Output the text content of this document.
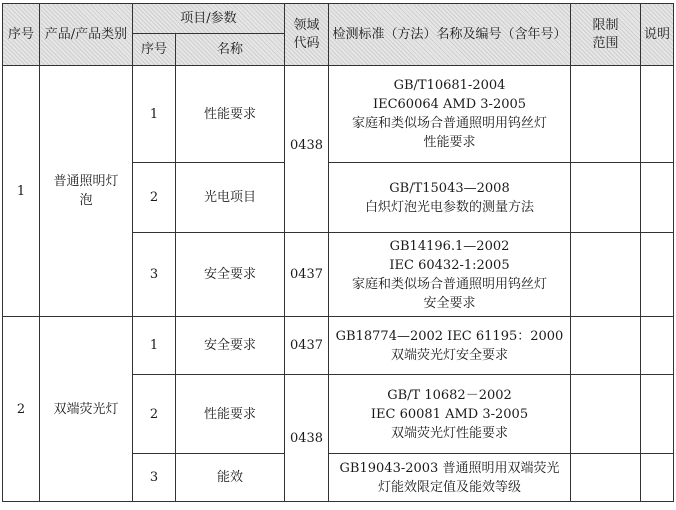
序号	产品/产品类别	项目/参数		领域代码	检测标准（方法）名称及编号（含年号）	限制范围	说明
		序号	名称				
1	普通照明灯泡	1	性能要求	0438	GB/T10681-2004
IEC60064 AMD 3-2005
家庭和类似场合普通照明用钨丝灯
性能要求		

		2	光电项目		GB/T15043—2008
白炽灯泡光电参数的测量方法		

		3	安全要求	0437	GB14196.1—2002
IEC 60432-1:2005
家庭和类似场合普通照明用钨丝灯
安全要求		

2	双端荧光灯	1	安全要求	0437	GB18774—2002 IEC 61195：2000
双端荧光灯安全要求		

		2	性能要求	0438	GB/T 10682－2002
IEC 60081 AMD 3-2005
双端荧光灯性能要求		

		3	能效		GB19043-2003 普通照明用双端荧光
灯能效限定值及能效等级		
